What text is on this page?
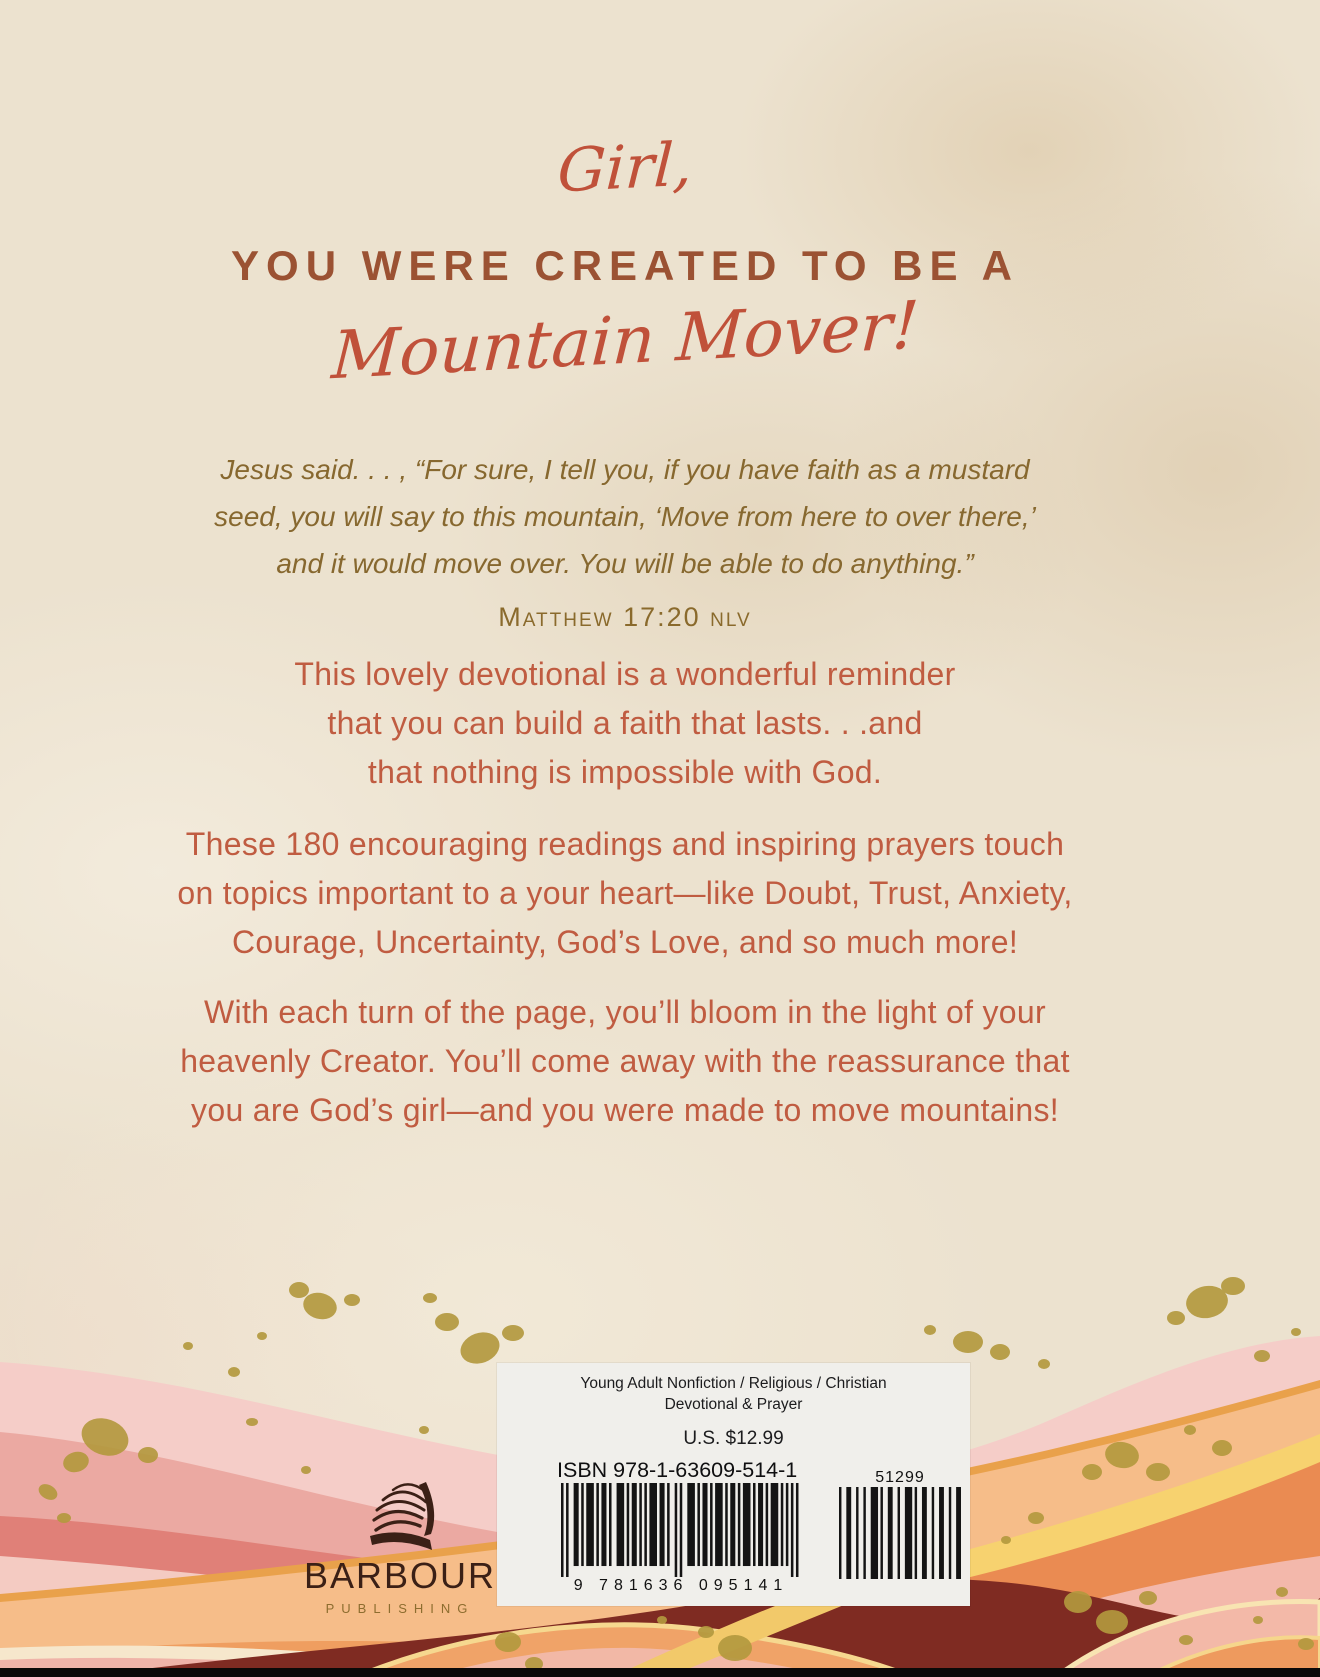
Girl,
YOU WERE CREATED TO BE A
Mountain Mover!
Jesus said. . . , “For sure, I tell you, if you have faith as a mustard
seed, you will say to this mountain, ‘Move from here to over there,’
and it would move over. You will be able to do anything.”
Matthew 17:20 nlv
This lovely devotional is a wonderful reminder
that you can build a faith that lasts. . .and
that nothing is impossible with God.
These 180 encouraging readings and inspiring prayers touch
on topics important to a your heart—like Doubt, Trust, Anxiety,
Courage, Uncertainty, God’s Love, and so much more!
With each turn of the page, you’ll bloom in the light of your
heavenly Creator. You’ll come away with the reassurance that
you are God’s girl—and you were made to move mountains!
BARBOUR
PUBLISHING
Young Adult Nonfiction / Religious / Christian
Devotional & Prayer
U.S. $12.99
ISBN 978-1-63609-514-1
9 781636 095141
51299
